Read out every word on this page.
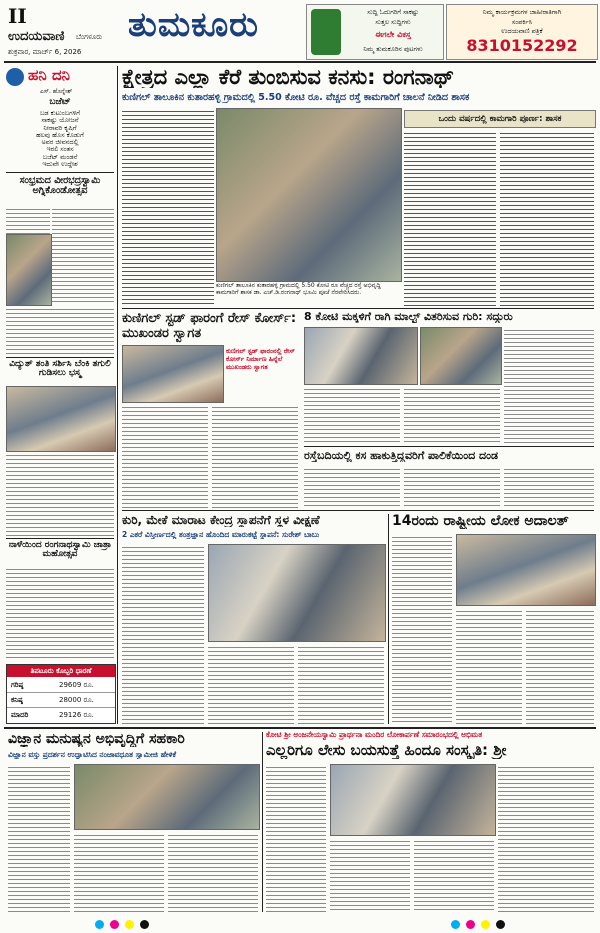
II
ಉದಯವಾಣಿ ಬೆಂಗಳೂರು
ಶುಕ್ರವಾರ, ಮಾರ್ಚ್ 6, 2026
ತುಮಕೂರು	ಸುದ್ದಿ ಓದುಗರಿಗೆ ಸಾಕಷ್ಟು
ಸುತ್ತಲ ಸುದ್ದಿಗಳು
ಈಗಲೇ ವಿಕಸ್ತ
ನಿಮ್ಮ ತುಮಕೂರಿನ ಪುಟಗಳು
ನಿಮ್ಮ ಕಾರ್ಯಕ್ರಮಗಳ ಜಾಹೀರಾತಿಗಾಗಿ
ಸಂಪರ್ಕಿಸಿ
ಉದಯವಾಣಿ ಪತ್ರಿಕೆ
8310152292
ಹನಿ ದನಿ
ಎಸ್. ಹೊನ್ನೇಶ್
ಬಜೆಟ್
ಬಡ ಕುಟುಂಬಗಳಿಗೆ
ಸಾಕಷ್ಟು ಯೋಜನೆ
ನೀರಾವರಿ ಕೃಷಿಗೆ
ಹಲವು ಹೊಸ ಕೊಡುಗೆ
ಅವರ ಜೀವನದಲ್ಲಿ
ಇರಲಿ ಸಂತಸ
ಬಜೆಟ್ ಮಂಡನೆ
ಇದುವೇ ಉದ್ದೇಶ
ಸಂಭ್ರಮದ ವೀರಭದ್ರಸ್ವಾಮಿ ಅಗ್ನಿಕೊಂಡೋತ್ಸವ
ವಿದ್ಯುತ್ ತಂತಿ ಸರ್ಶಿಸಿ ಬೆಂಕಿ ತಗುಲಿ ಗುಡಿಸಲು ಭಸ್ಮ
ನಾಳೆಯಿಂದ ರಂಗನಾಥಸ್ವಾಮಿ ಜಾತ್ರಾ ಮಹೋತ್ಸವ
ತಿಪಟೂರು ಕೊಬ್ಬರಿ ಧಾರಣೆ
ಗರಿಷ್ಠ	29609 ರೂ.
ಕನಿಷ್ಠ	28000 ರೂ.
ಮಾದರಿ	29126 ರೂ.
ಕ್ಷೇತ್ರದ ಎಲ್ಲಾ ಕೆರೆ ತುಂಬಿಸುವ ಕನಸು: ರಂಗನಾಥ್
ಕುಣಿಗಲ್ ತಾಲೂಕಿನ ಕುತಾರಹಳ್ಳಿ ಗ್ರಾಮದಲ್ಲಿ 5.50 ಕೋಟಿ ರೂ. ವೆಚ್ಚದ ರಸ್ತೆ ಕಾಮಗಾರಿಗೆ ಚಾಲನೆ ನೀಡಿದ ಶಾಸಕ
ಕುಣಿಗಲ್ ತಾಲೂಕಿನ ಕುತಾರಹಳ್ಳಿ ಗ್ರಾಮದಲ್ಲಿ 5.50 ಕೋಟಿ ರೂ ವೆಚ್ಚದ ರಸ್ತೆ ಅಭಿವೃದ್ಧಿ ಕಾಮಗಾರಿಗೆ ಶಾಸಕ ಡಾ. ಎಚ್.ಡಿ.ರಂಗನಾಥ್ ಭೂಮಿ ಪೂಜೆ ನೆರವೇರಿಸಿದರು.
ಒಂದು ವರ್ಷದಲ್ಲಿ ಕಾಮಗಾರಿ ಪೂರ್ಣ: ಶಾಸಕ
ಕುಣಿಗಲ್ ಸ್ಟಡ್ ಫಾರಂಗೆ ರೇಸ್ ಕೋರ್ಸ್: ಮುಖಂಡರ ಸ್ವಾಗತ
ಕುಣಿಗಲ್ ಸ್ಟಡ್ ಫಾರಂನಲ್ಲಿ ರೇಸ್ ಕೋರ್ಸ್ ನಿರ್ಮಾಣ ಹಿನ್ನೆಲೆ ಮುಖಂಡರು ಸ್ವಾಗತ
8 ಕೋಟಿ ಮಕ್ಕಳಿಗೆ ರಾಗಿ ಮಾಲ್ಟ್ ವಿತರಿಸುವ ಗುರಿ: ಸದ್ಗುರು
ರಸ್ತೆಬದಿಯಲ್ಲಿ ಕಸ ಹಾಕುತ್ತಿದ್ದವರಿಗೆ ಪಾಲಿಕೆಯಿಂದ ದಂಡ
ಕುರಿ, ಮೇಕೆ ಮಾರಾಟ ಕೇಂದ್ರ ಸ್ಥಾಪನೆಗೆ ಸ್ಥಳ ವೀಕ್ಷಣೆ
2 ಎಕರೆ ವಿಸ್ತೀರ್ಣದಲ್ಲಿ ತಂತ್ರಜ್ಞಾನ ಹೊಂದಿದ ಮಾರುಕಟ್ಟೆ ಸ್ಥಾಪನೆ: ಸುರೇಶ್ ಬಾಬು
14ರಂದು ರಾಷ್ಟ್ರೀಯ ಲೋಕ ಅದಾಲತ್
ವಿಜ್ಞಾನ ಮನುಷ್ಯನ ಅಭಿವೃದ್ಧಿಗೆ ಸಹಕಾರಿ
ವಿಜ್ಞಾನ ವಸ್ತು ಪ್ರದರ್ಶನ ಉದ್ಘಾಟಿಸಿದ ನಂಜಾವಧೂತ ಸ್ವಾಮೀಜಿ ಹೇಳಿಕೆ
ಕೋಟಿ ಶ್ರೀ ಅಂಜನೇಯಸ್ವಾಮಿ ಪ್ರಾರ್ಥನಾ ಮಂದಿರ ಲೋಕಾರ್ಪಣೆ ಸಮಾರಂಭದಲ್ಲಿ ಅಭಿಮತ
ಎಲ್ಲರಿಗೂ ಲೇಸು ಬಯಸುತ್ತೆ ಹಿಂದೂ ಸಂಸ್ಕೃತಿ: ಶ್ರೀ
